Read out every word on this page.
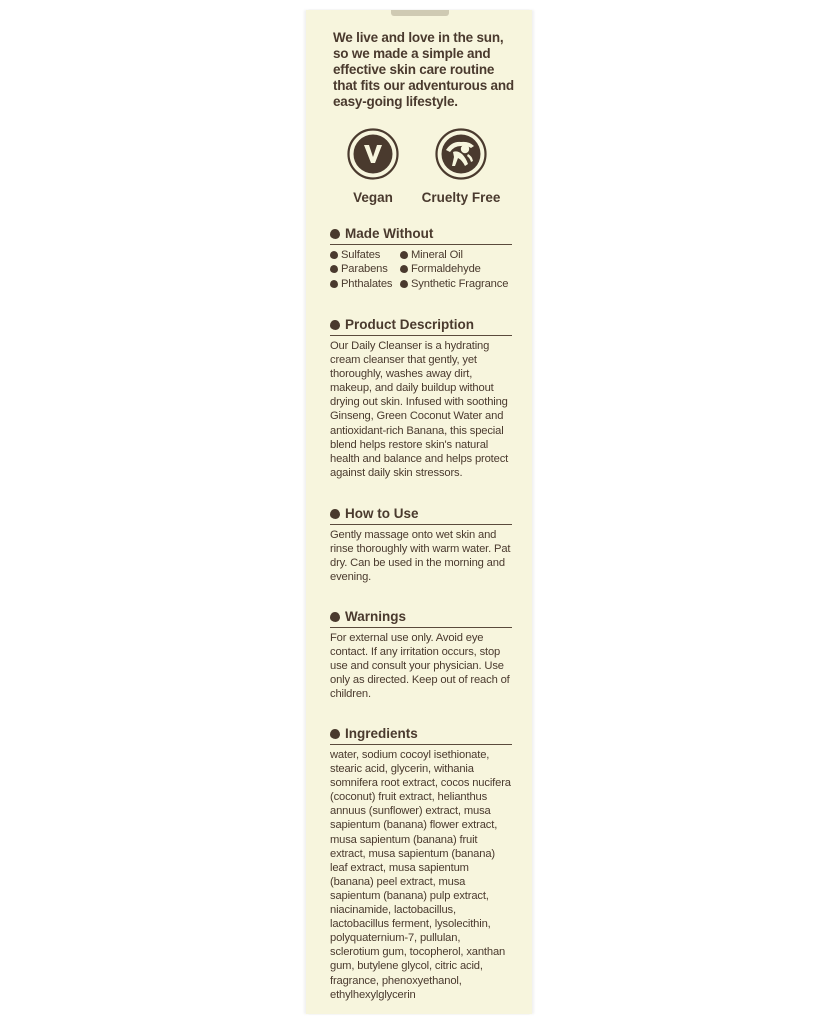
We live and love in the sun, so we made a simple and effective skin care routine that fits our adventurous and easy-going lifestyle.
Vegan	Cruelty Free
Made Without
Sulfates	Mineral Oil
Parabens Formaldehyde
Phthalates Synthetic Fragrance
Product Description
Our Daily Cleanser is a hydrating cream cleanser that gently, yet thoroughly, washes away dirt, makeup, and daily buildup without drying out skin. Infused with soothing Ginseng, Green Coconut Water and antioxidant-rich Banana, this special blend helps restore skin's natural health and balance and helps protect against daily skin stressors.
How to Use
Gently massage onto wet skin and rinse thoroughly with warm water. Pat dry. Can be used in the morning and evening.
Warnings
For external use only. Avoid eye contact. If any irritation occurs, stop use and consult your physician. Use only as directed. Keep out of reach of children.
Ingredients
water, sodium cocoyl isethionate, stearic acid, glycerin, withania somnifera root extract, cocos nucifera (coconut) fruit extract, helianthus annuus (sunflower) extract, musa sapientum (banana) flower extract, musa sapientum (banana) fruit extract, musa sapientum (banana) leaf extract, musa sapientum (banana) peel extract, musa sapientum (banana) pulp extract, niacinamide, lactobacillus, lactobacillus ferment, lysolecithin, polyquaternium-7, pullulan, sclerotium gum, tocopherol, xanthan gum, butylene glycol, citric acid, fragrance, phenoxyethanol, ethylhexylglycerin
